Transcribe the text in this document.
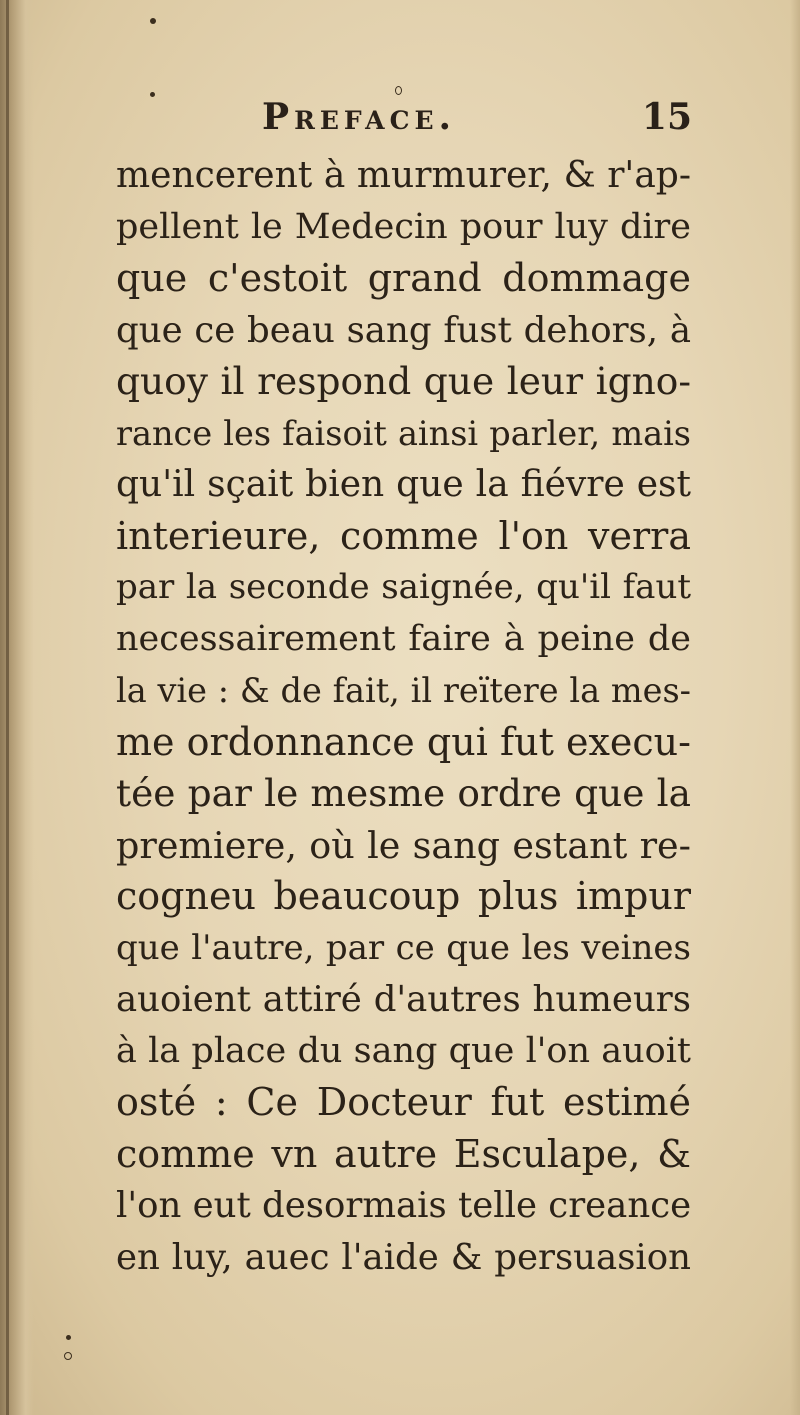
Preface.	15
mencerent à murmurer, & r'ap-
pellent le Medecin pour luy dire
que c'estoit grand dommage
que ce beau sang fust dehors, à
quoy il respond que leur igno-
rance les faisoit ainsi parler, mais
qu'il sçait bien que la fiévre est
interieure, comme l'on verra
par la seconde saignée, qu'il faut
necessairement faire à peine de
la vie : & de fait, il reïtere la mes-
me ordonnance qui fut execu-
tée par le mesme ordre que la
premiere, où le sang estant re-
cogneu beaucoup plus impur
que l'autre, par ce que les veines
auoient attiré d'autres humeurs
à la place du sang que l'on auoit
osté : Ce Docteur fut estimé
comme vn autre Esculape, &
l'on eut desormais telle creance
en luy, auec l'aide & persuasion
